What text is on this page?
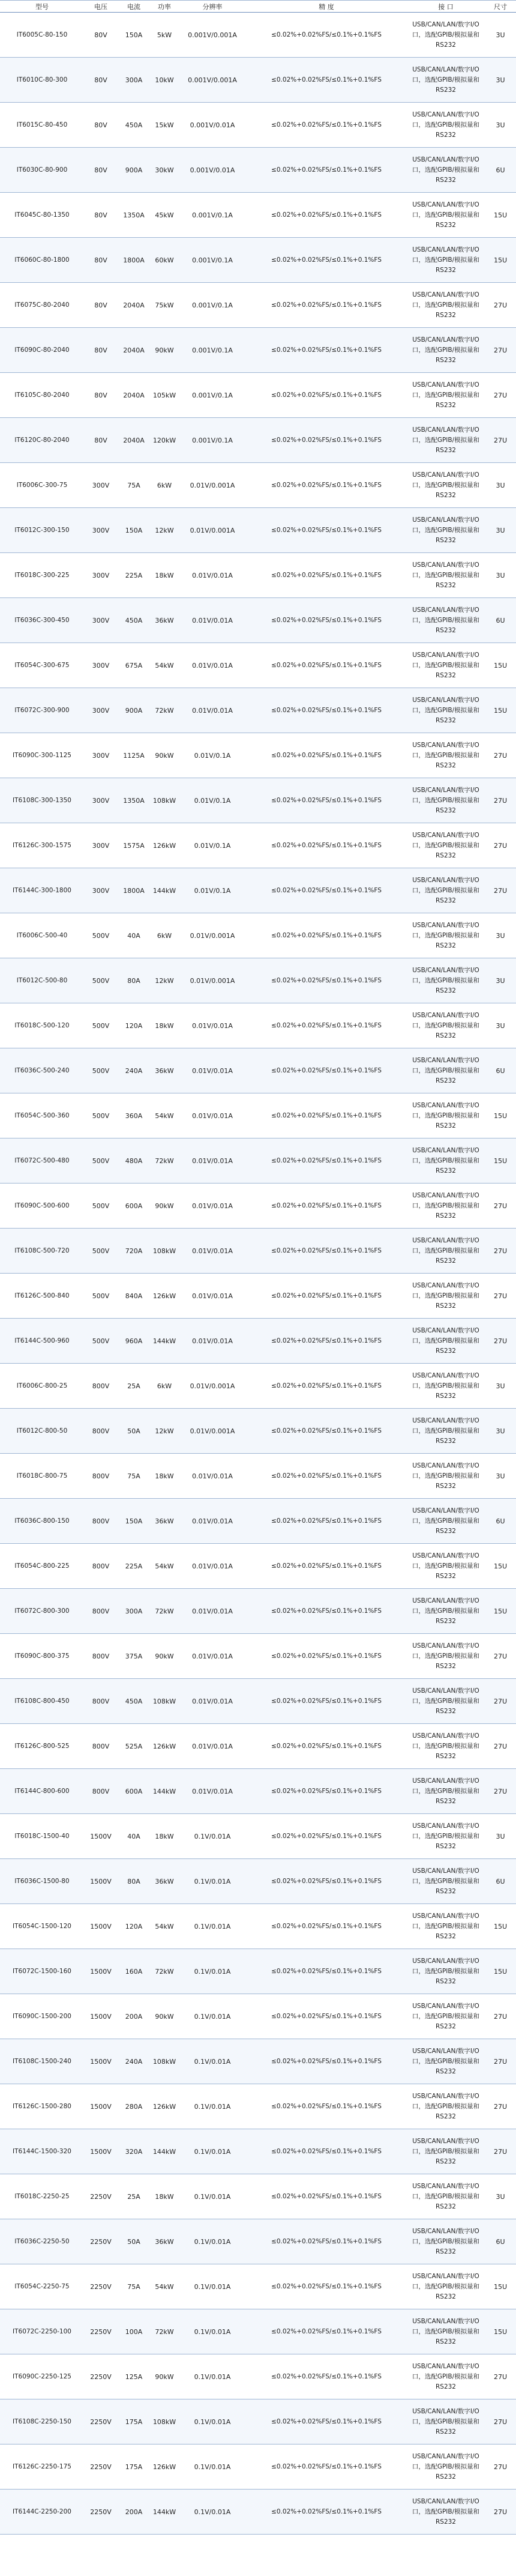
型号	电压	电流	功率	分辨率	精 度	接 口	尺寸
IT6005C-80-150	80V	150A	5kW	0.001V/0.001A	≤0.02%+0.02%FS/≤0.1%+0.1%FS	USB/CAN/LAN/数字I/O口，选配GPIB/模拟量和RS232	3U
IT6010C-80-300	80V	300A	10kW	0.001V/0.001A	≤0.02%+0.02%FS/≤0.1%+0.1%FS	USB/CAN/LAN/数字I/O口，选配GPIB/模拟量和RS232	3U
IT6015C-80-450	80V	450A	15kW	0.001V/0.01A	≤0.02%+0.02%FS/≤0.1%+0.1%FS	USB/CAN/LAN/数字I/O口，选配GPIB/模拟量和RS232	3U
IT6030C-80-900	80V	900A	30kW	0.001V/0.01A	≤0.02%+0.02%FS/≤0.1%+0.1%FS	USB/CAN/LAN/数字I/O口，选配GPIB/模拟量和RS232	6U
IT6045C-80-1350	80V	1350A	45kW	0.001V/0.1A	≤0.02%+0.02%FS/≤0.1%+0.1%FS	USB/CAN/LAN/数字I/O口，选配GPIB/模拟量和RS232	15U
IT6060C-80-1800	80V	1800A	60kW	0.001V/0.1A	≤0.02%+0.02%FS/≤0.1%+0.1%FS	USB/CAN/LAN/数字I/O口，选配GPIB/模拟量和RS232	15U
IT6075C-80-2040	80V	2040A	75kW	0.001V/0.1A	≤0.02%+0.02%FS/≤0.1%+0.1%FS	USB/CAN/LAN/数字I/O口，选配GPIB/模拟量和RS232	27U
IT6090C-80-2040	80V	2040A	90kW	0.001V/0.1A	≤0.02%+0.02%FS/≤0.1%+0.1%FS	USB/CAN/LAN/数字I/O口，选配GPIB/模拟量和RS232	27U
IT6105C-80-2040	80V	2040A	105kW	0.001V/0.1A	≤0.02%+0.02%FS/≤0.1%+0.1%FS	USB/CAN/LAN/数字I/O口，选配GPIB/模拟量和RS232	27U
IT6120C-80-2040	80V	2040A	120kW	0.001V/0.1A	≤0.02%+0.02%FS/≤0.1%+0.1%FS	USB/CAN/LAN/数字I/O口，选配GPIB/模拟量和RS232	27U
IT6006C-300-75	300V	75A	6kW	0.01V/0.001A	≤0.02%+0.02%FS/≤0.1%+0.1%FS	USB/CAN/LAN/数字I/O口，选配GPIB/模拟量和RS232	3U
IT6012C-300-150	300V	150A	12kW	0.01V/0.001A	≤0.02%+0.02%FS/≤0.1%+0.1%FS	USB/CAN/LAN/数字I/O口，选配GPIB/模拟量和RS232	3U
IT6018C-300-225	300V	225A	18kW	0.01V/0.01A	≤0.02%+0.02%FS/≤0.1%+0.1%FS	USB/CAN/LAN/数字I/O口，选配GPIB/模拟量和RS232	3U
IT6036C-300-450	300V	450A	36kW	0.01V/0.01A	≤0.02%+0.02%FS/≤0.1%+0.1%FS	USB/CAN/LAN/数字I/O口，选配GPIB/模拟量和RS232	6U
IT6054C-300-675	300V	675A	54kW	0.01V/0.01A	≤0.02%+0.02%FS/≤0.1%+0.1%FS	USB/CAN/LAN/数字I/O口，选配GPIB/模拟量和RS232	15U
IT6072C-300-900	300V	900A	72kW	0.01V/0.01A	≤0.02%+0.02%FS/≤0.1%+0.1%FS	USB/CAN/LAN/数字I/O口，选配GPIB/模拟量和RS232	15U
IT6090C-300-1125	300V	1125A	90kW	0.01V/0.1A	≤0.02%+0.02%FS/≤0.1%+0.1%FS	USB/CAN/LAN/数字I/O口，选配GPIB/模拟量和RS232	27U
IT6108C-300-1350	300V	1350A	108kW	0.01V/0.1A	≤0.02%+0.02%FS/≤0.1%+0.1%FS	USB/CAN/LAN/数字I/O口，选配GPIB/模拟量和RS232	27U
IT6126C-300-1575	300V	1575A	126kW	0.01V/0.1A	≤0.02%+0.02%FS/≤0.1%+0.1%FS	USB/CAN/LAN/数字I/O口，选配GPIB/模拟量和RS232	27U
IT6144C-300-1800	300V	1800A	144kW	0.01V/0.1A	≤0.02%+0.02%FS/≤0.1%+0.1%FS	USB/CAN/LAN/数字I/O口，选配GPIB/模拟量和RS232	27U
IT6006C-500-40	500V	40A	6kW	0.01V/0.001A	≤0.02%+0.02%FS/≤0.1%+0.1%FS	USB/CAN/LAN/数字I/O口，选配GPIB/模拟量和RS232	3U
IT6012C-500-80	500V	80A	12kW	0.01V/0.001A	≤0.02%+0.02%FS/≤0.1%+0.1%FS	USB/CAN/LAN/数字I/O口，选配GPIB/模拟量和RS232	3U
IT6018C-500-120	500V	120A	18kW	0.01V/0.01A	≤0.02%+0.02%FS/≤0.1%+0.1%FS	USB/CAN/LAN/数字I/O口，选配GPIB/模拟量和RS232	3U
IT6036C-500-240	500V	240A	36kW	0.01V/0.01A	≤0.02%+0.02%FS/≤0.1%+0.1%FS	USB/CAN/LAN/数字I/O口，选配GPIB/模拟量和RS232	6U
IT6054C-500-360	500V	360A	54kW	0.01V/0.01A	≤0.02%+0.02%FS/≤0.1%+0.1%FS	USB/CAN/LAN/数字I/O口，选配GPIB/模拟量和RS232	15U
IT6072C-500-480	500V	480A	72kW	0.01V/0.01A	≤0.02%+0.02%FS/≤0.1%+0.1%FS	USB/CAN/LAN/数字I/O口，选配GPIB/模拟量和RS232	15U
IT6090C-500-600	500V	600A	90kW	0.01V/0.01A	≤0.02%+0.02%FS/≤0.1%+0.1%FS	USB/CAN/LAN/数字I/O口，选配GPIB/模拟量和RS232	27U
IT6108C-500-720	500V	720A	108kW	0.01V/0.01A	≤0.02%+0.02%FS/≤0.1%+0.1%FS	USB/CAN/LAN/数字I/O口，选配GPIB/模拟量和RS232	27U
IT6126C-500-840	500V	840A	126kW	0.01V/0.01A	≤0.02%+0.02%FS/≤0.1%+0.1%FS	USB/CAN/LAN/数字I/O口，选配GPIB/模拟量和RS232	27U
IT6144C-500-960	500V	960A	144kW	0.01V/0.01A	≤0.02%+0.02%FS/≤0.1%+0.1%FS	USB/CAN/LAN/数字I/O口，选配GPIB/模拟量和RS232	27U
IT6006C-800-25	800V	25A	6kW	0.01V/0.001A	≤0.02%+0.02%FS/≤0.1%+0.1%FS	USB/CAN/LAN/数字I/O口，选配GPIB/模拟量和RS232	3U
IT6012C-800-50	800V	50A	12kW	0.01V/0.001A	≤0.02%+0.02%FS/≤0.1%+0.1%FS	USB/CAN/LAN/数字I/O口，选配GPIB/模拟量和RS232	3U
IT6018C-800-75	800V	75A	18kW	0.01V/0.01A	≤0.02%+0.02%FS/≤0.1%+0.1%FS	USB/CAN/LAN/数字I/O口，选配GPIB/模拟量和RS232	3U
IT6036C-800-150	800V	150A	36kW	0.01V/0.01A	≤0.02%+0.02%FS/≤0.1%+0.1%FS	USB/CAN/LAN/数字I/O口，选配GPIB/模拟量和RS232	6U
IT6054C-800-225	800V	225A	54kW	0.01V/0.01A	≤0.02%+0.02%FS/≤0.1%+0.1%FS	USB/CAN/LAN/数字I/O口，选配GPIB/模拟量和RS232	15U
IT6072C-800-300	800V	300A	72kW	0.01V/0.01A	≤0.02%+0.02%FS/≤0.1%+0.1%FS	USB/CAN/LAN/数字I/O口，选配GPIB/模拟量和RS232	15U
IT6090C-800-375	800V	375A	90kW	0.01V/0.01A	≤0.02%+0.02%FS/≤0.1%+0.1%FS	USB/CAN/LAN/数字I/O口，选配GPIB/模拟量和RS232	27U
IT6108C-800-450	800V	450A	108kW	0.01V/0.01A	≤0.02%+0.02%FS/≤0.1%+0.1%FS	USB/CAN/LAN/数字I/O口，选配GPIB/模拟量和RS232	27U
IT6126C-800-525	800V	525A	126kW	0.01V/0.01A	≤0.02%+0.02%FS/≤0.1%+0.1%FS	USB/CAN/LAN/数字I/O口，选配GPIB/模拟量和RS232	27U
IT6144C-800-600	800V	600A	144kW	0.01V/0.01A	≤0.02%+0.02%FS/≤0.1%+0.1%FS	USB/CAN/LAN/数字I/O口，选配GPIB/模拟量和RS232	27U
IT6018C-1500-40	1500V	40A	18kW	0.1V/0.01A	≤0.02%+0.02%FS/≤0.1%+0.1%FS	USB/CAN/LAN/数字I/O口，选配GPIB/模拟量和RS232	3U
IT6036C-1500-80	1500V	80A	36kW	0.1V/0.01A	≤0.02%+0.02%FS/≤0.1%+0.1%FS	USB/CAN/LAN/数字I/O口，选配GPIB/模拟量和RS232	6U
IT6054C-1500-120	1500V	120A	54kW	0.1V/0.01A	≤0.02%+0.02%FS/≤0.1%+0.1%FS	USB/CAN/LAN/数字I/O口，选配GPIB/模拟量和RS232	15U
IT6072C-1500-160	1500V	160A	72kW	0.1V/0.01A	≤0.02%+0.02%FS/≤0.1%+0.1%FS	USB/CAN/LAN/数字I/O口，选配GPIB/模拟量和RS232	15U
IT6090C-1500-200	1500V	200A	90kW	0.1V/0.01A	≤0.02%+0.02%FS/≤0.1%+0.1%FS	USB/CAN/LAN/数字I/O口，选配GPIB/模拟量和RS232	27U
IT6108C-1500-240	1500V	240A	108kW	0.1V/0.01A	≤0.02%+0.02%FS/≤0.1%+0.1%FS	USB/CAN/LAN/数字I/O口，选配GPIB/模拟量和RS232	27U
IT6126C-1500-280	1500V	280A	126kW	0.1V/0.01A	≤0.02%+0.02%FS/≤0.1%+0.1%FS	USB/CAN/LAN/数字I/O口，选配GPIB/模拟量和RS232	27U
IT6144C-1500-320	1500V	320A	144kW	0.1V/0.01A	≤0.02%+0.02%FS/≤0.1%+0.1%FS	USB/CAN/LAN/数字I/O口，选配GPIB/模拟量和RS232	27U
IT6018C-2250-25	2250V	25A	18kW	0.1V/0.01A	≤0.02%+0.02%FS/≤0.1%+0.1%FS	USB/CAN/LAN/数字I/O口，选配GPIB/模拟量和RS232	3U
IT6036C-2250-50	2250V	50A	36kW	0.1V/0.01A	≤0.02%+0.02%FS/≤0.1%+0.1%FS	USB/CAN/LAN/数字I/O口，选配GPIB/模拟量和RS232	6U
IT6054C-2250-75	2250V	75A	54kW	0.1V/0.01A	≤0.02%+0.02%FS/≤0.1%+0.1%FS	USB/CAN/LAN/数字I/O口，选配GPIB/模拟量和RS232	15U
IT6072C-2250-100	2250V	100A	72kW	0.1V/0.01A	≤0.02%+0.02%FS/≤0.1%+0.1%FS	USB/CAN/LAN/数字I/O口，选配GPIB/模拟量和RS232	15U
IT6090C-2250-125	2250V	125A	90kW	0.1V/0.01A	≤0.02%+0.02%FS/≤0.1%+0.1%FS	USB/CAN/LAN/数字I/O口，选配GPIB/模拟量和RS232	27U
IT6108C-2250-150	2250V	175A	108kW	0.1V/0.01A	≤0.02%+0.02%FS/≤0.1%+0.1%FS	USB/CAN/LAN/数字I/O口，选配GPIB/模拟量和RS232	27U
IT6126C-2250-175	2250V	175A	126kW	0.1V/0.01A	≤0.02%+0.02%FS/≤0.1%+0.1%FS	USB/CAN/LAN/数字I/O口，选配GPIB/模拟量和RS232	27U
IT6144C-2250-200	2250V	200A	144kW	0.1V/0.01A	≤0.02%+0.02%FS/≤0.1%+0.1%FS	USB/CAN/LAN/数字I/O口，选配GPIB/模拟量和RS232	27U
